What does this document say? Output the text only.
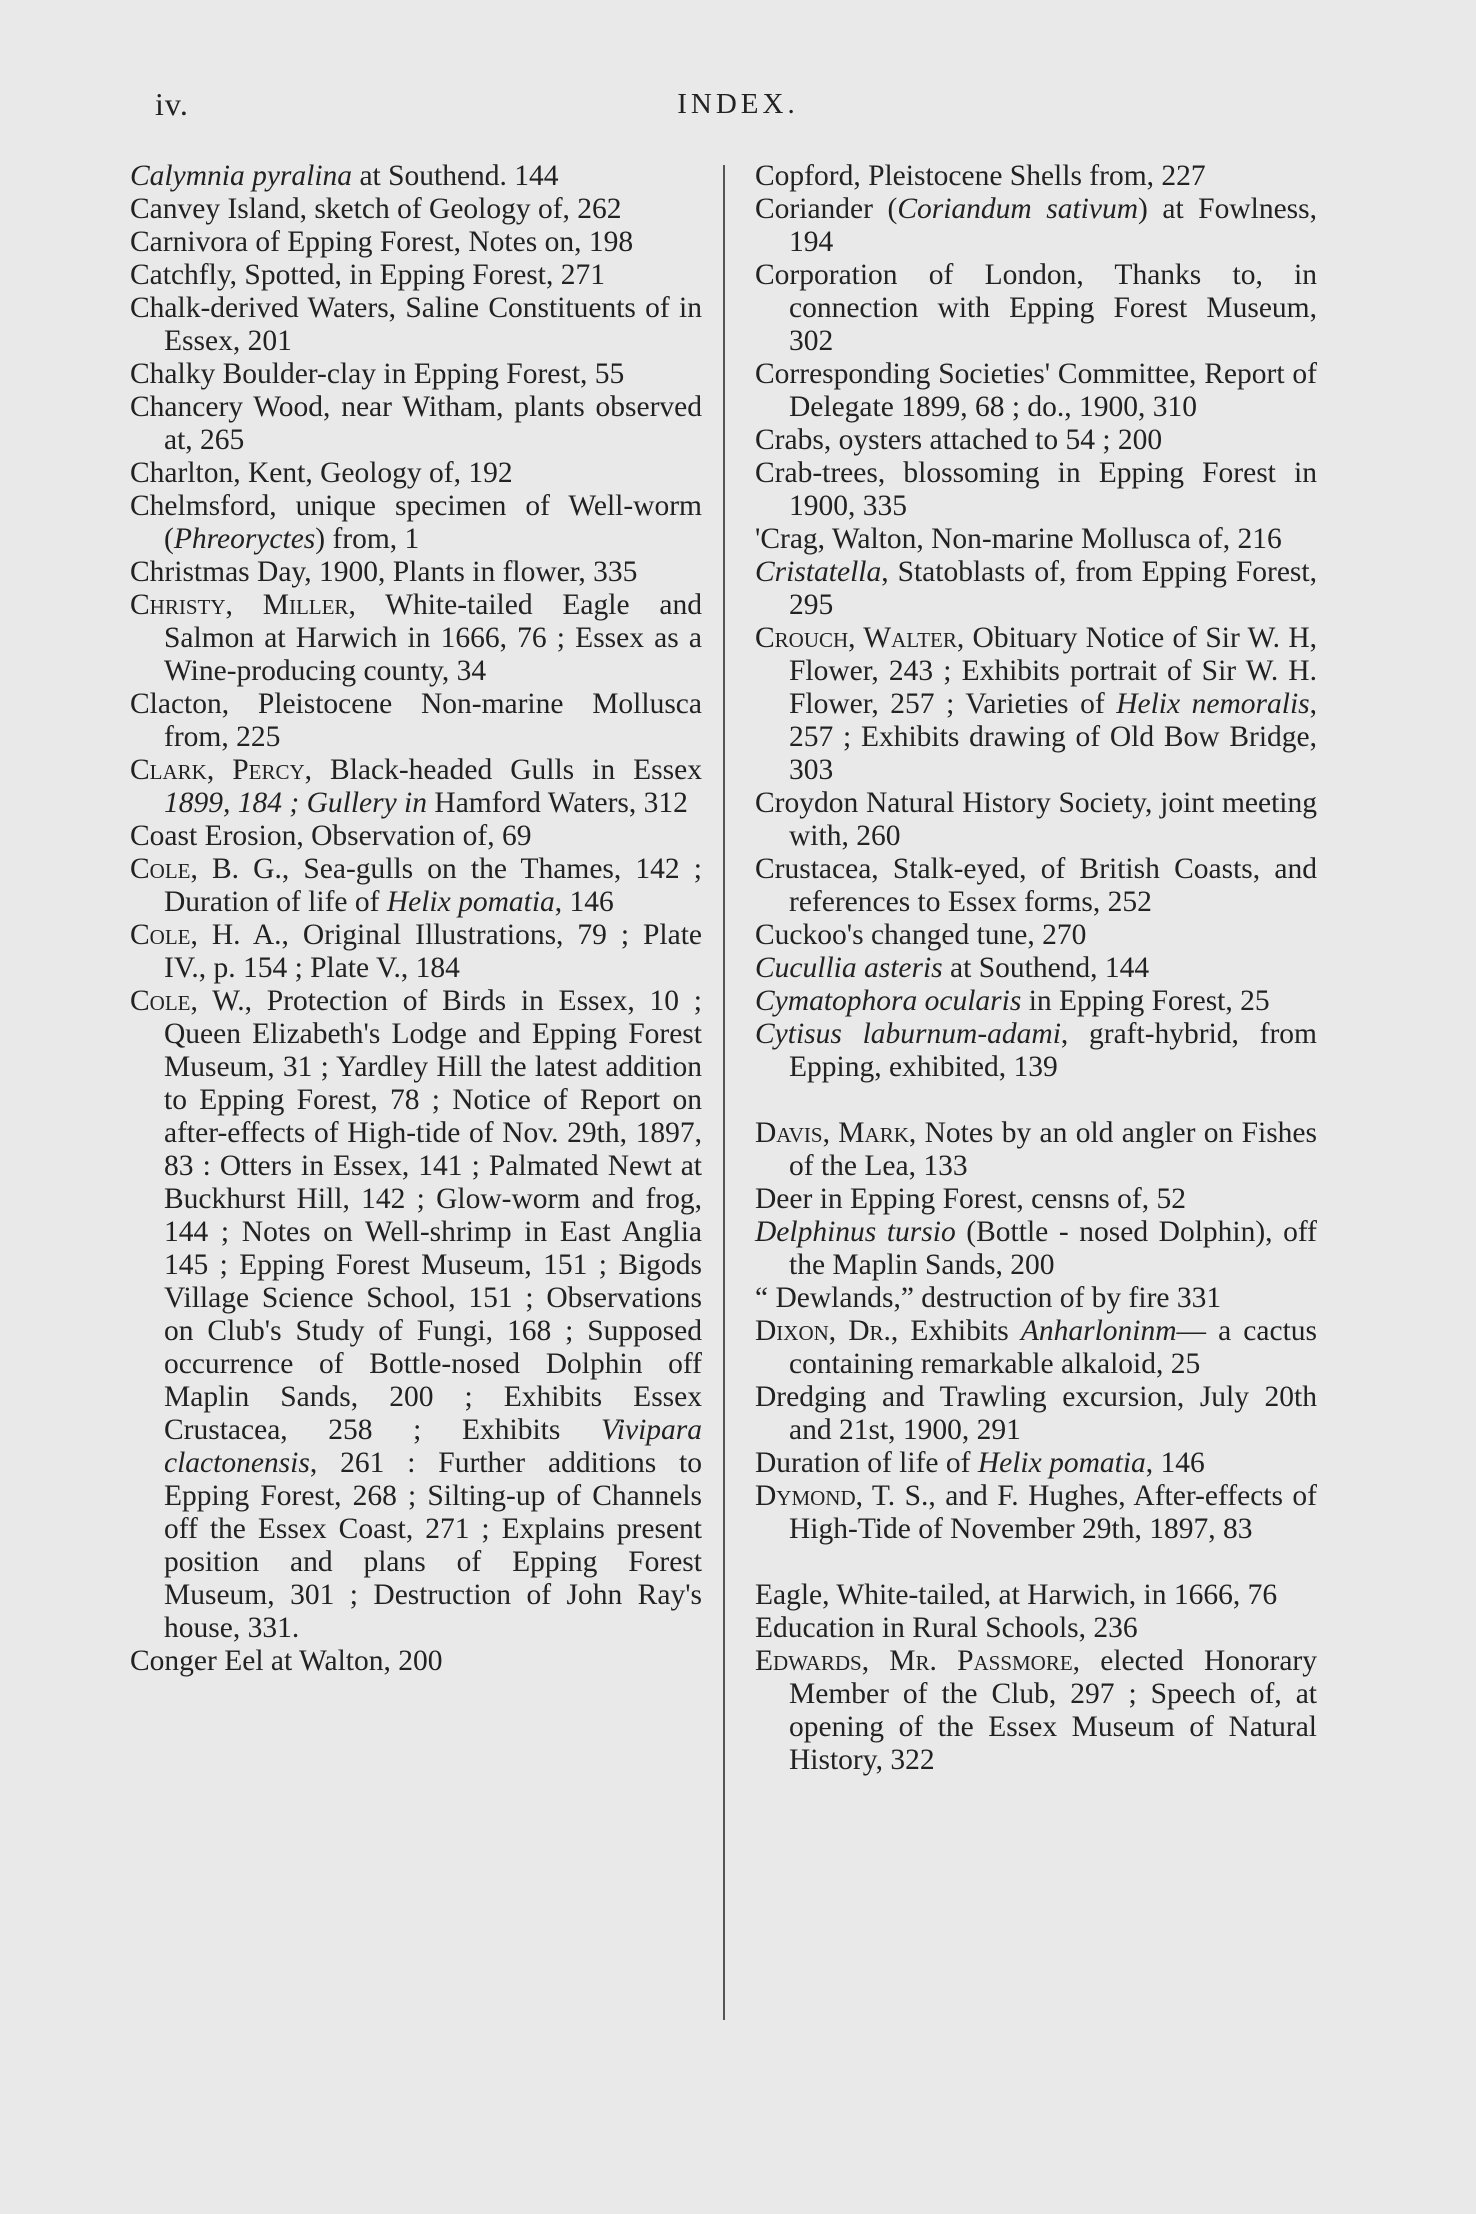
iv.	INDEX.
Calymnia pyralina at Southend. 144
Canvey Island, sketch of Geology of, 262
Carnivora of Epping Forest, Notes on, 198
Catchfly, Spotted, in Epping Forest, 271
Chalk-derived Waters, Saline Constituents of in Essex, 201
Chalky Boulder-clay in Epping Forest, 55
Chancery Wood, near Witham, plants observed at, 265
Charlton, Kent, Geology of, 192
Chelmsford, unique specimen of Well-worm (Phreoryctes) from, 1
Christmas Day, 1900, Plants in flower, 335
Christy, Miller, White-tailed Eagle and Salmon at Harwich in 1666, 76 ; Essex as a Wine-producing county, 34
Clacton, Pleistocene Non-marine Mollusca from, 225
Clark, Percy, Black-headed Gulls in Essex 1899, 184 ; Gullery in Hamford Waters, 312
Coast Erosion, Observation of, 69
Cole, B. G., Sea-gulls on the Thames, 142 ; Duration of life of Helix pomatia, 146
Cole, H. A., Original Illustrations, 79 ; Plate IV., p. 154 ; Plate V., 184
Cole, W., Protection of Birds in Essex, 10 ; Queen Elizabeth's Lodge and Epping Forest Museum, 31 ; Yardley Hill the latest addition to Epping Forest, 78 ; Notice of Report on after-effects of High-tide of Nov. 29th, 1897, 83 : Otters in Essex, 141 ; Palmated Newt at Buckhurst Hill, 142 ; Glow-worm and frog, 144 ; Notes on Well-shrimp in East Anglia 145 ; Epping Forest Museum, 151 ; Bigods Village Science School, 151 ; Observations on Club's Study of Fungi, 168 ; Supposed occurrence of Bottle-nosed Dolphin off Maplin Sands, 200 ; Exhibits Essex Crustacea, 258 ; Exhibits Viviparа clactonensis, 261 : Further additions to Epping Forest, 268 ; Silting-up of Channels off the Essex Coast, 271 ; Explains present position and plans of Epping Forest Museum, 301 ; Destruction of John Ray's house, 331.
Conger Eel at Walton, 200
Copford, Pleistocene Shells from, 227
Coriander (Coriandum sativum) at Fowlness, 194
Corporation of London, Thanks to, in connection with Epping Forest Museum, 302
Corresponding Societies' Committee, Report of Delegate 1899, 68 ; do., 1900, 310
Crabs, oysters attached to 54 ; 200
Crab-trees, blossoming in Epping Forest in 1900, 335
'Crag, Walton, Non-marine Mollusca of, 216
Cristatella, Statoblasts of, from Epping Forest, 295
Crouch, Walter, Obituary Notice of Sir W. H, Flower, 243 ; Exhibits portrait of Sir W. H. Flower, 257 ; Varieties of Helix nemoralis, 257 ; Exhibits drawing of Old Bow Bridge, 303
Croydon Natural History Society, joint meeting with, 260
Crustacea, Stalk-eyed, of British Coasts, and references to Essex forms, 252
Cuckoo's changed tune, 270
Cucullia asteris at Southend, 144
Cymatophora ocularis in Epping Forest, 25
Cytisus laburnum-adami, graft-hybrid, from Epping, exhibited, 139
Davis, Mark, Notes by an old angler on Fishes of the Lea, 133
Deer in Epping Forest, censns of, 52
Delphinus tursio (Bottle - nosed Dolphin), off the Maplin Sands, 200
“ Dewlands,” destruction of by fire 331
Dixon, Dr., Exhibits Anharloninm— a cactus containing remarkable alkaloid, 25
Dredging and Trawling excursion, July 20th and 21st, 1900, 291
Duration of life of Helix pomatia, 146
Dymond, T. S., and F. Hughes, After-effects of High-Tide of November 29th, 1897, 83
Eagle, White-tailed, at Harwich, in 1666, 76
Education in Rural Schools, 236
Edwards, Mr. Passmore, elected Honorary Member of the Club, 297 ; Speech of, at opening of the Essex Museum of Natural History, 322
